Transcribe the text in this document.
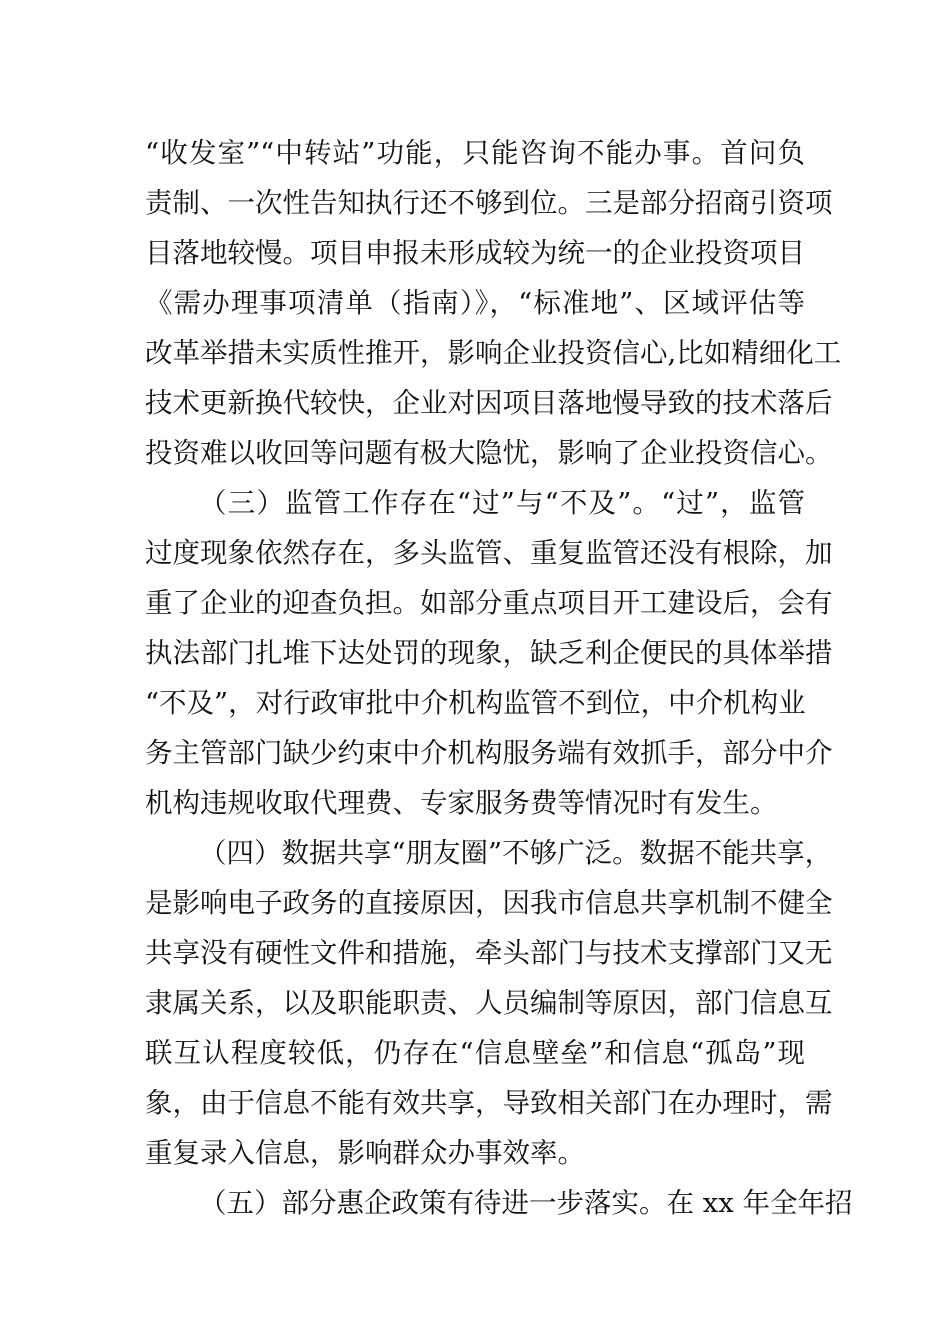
“收发室”“中转站”功能，只能咨询不能办事。首问负
责制、一次性告知执行还不够到位。三是部分招商引资项
目落地较慢。项目申报未形成较为统一的企业投资项目
《需办理事项清单（指南）》，“标准地”、区域评估等
改革举措未实质性推开，影响企业投资信心,比如精细化工
技术更新换代较快，企业对因项目落地慢导致的技术落后
投资难以收回等问题有极大隐忧，影响了企业投资信心。
（三）监管工作存在“过”与“不及”。“过”，监管
过度现象依然存在，多头监管、重复监管还没有根除，加
重了企业的迎查负担。如部分重点项目开工建设后，会有
执法部门扎堆下达处罚的现象，缺乏利企便民的具体举措
“不及”，对行政审批中介机构监管不到位，中介机构业
务主管部门缺少约束中介机构服务端有效抓手，部分中介
机构违规收取代理费、专家服务费等情况时有发生。
（四）数据共享“朋友圈”不够广泛。数据不能共享，
是影响电子政务的直接原因，因我市信息共享机制不健全
共享没有硬性文件和措施，牵头部门与技术支撑部门又无
隶属关系，以及职能职责、人员编制等原因，部门信息互
联互认程度较低，仍存在“信息壁垒”和信息“孤岛”现
象，由于信息不能有效共享，导致相关部门在办理时，需
重复录入信息，影响群众办事效率。
（五）部分惠企政策有待进一步落实。在 xx 年全年招
